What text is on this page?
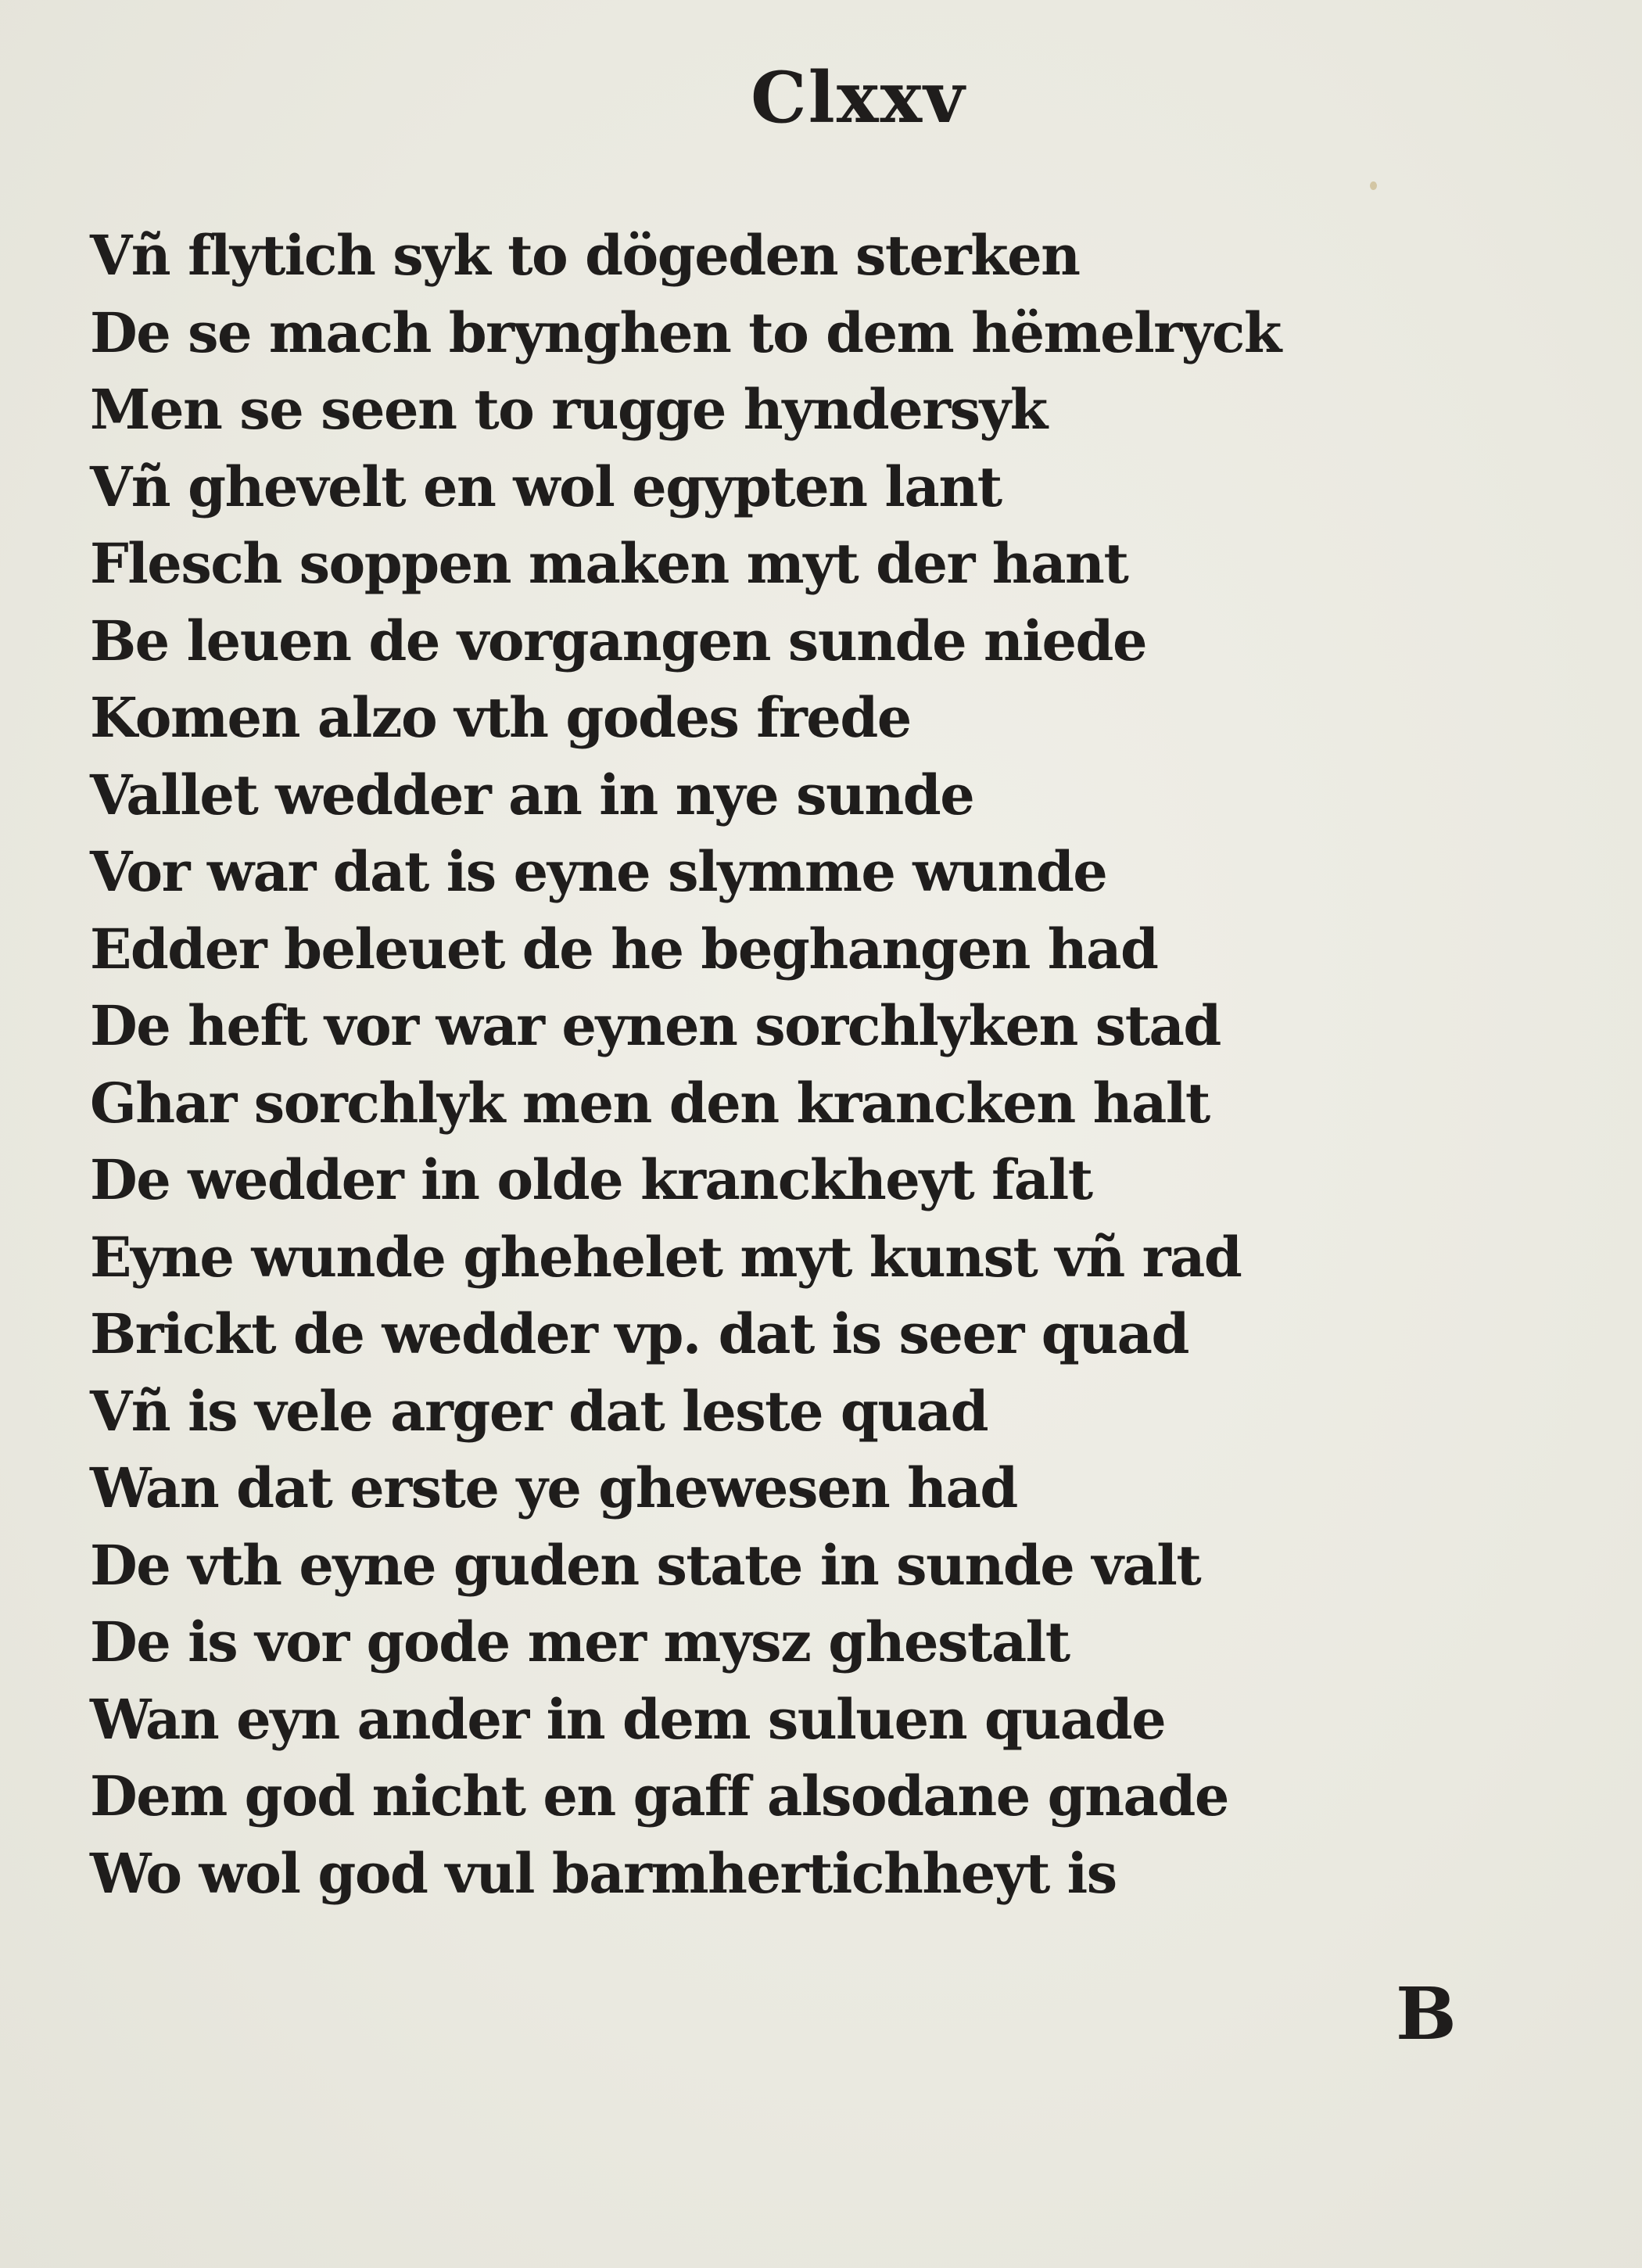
Clxxv
Vñ flytich syk to dögeden sterken
De se mach brynghen to dem hëmelryck
Men se seen to rugge hyndersyk
Vñ ghevelt en wol egypten lant
Flesch soppen maken myt der hant
Be leuen de vorgangen sunde niede
Komen alzo vth godes frede
Vallet wedder an in nye sunde
Vor war dat is eyne slymme wunde
Edder beleuet de he beghangen had
De heft vor war eynen sorchlyken stad
Ghar sorchlyk men den krancken halt
De wedder in olde kranckheyt falt
Eyne wunde ghehelet myt kunst vñ rad
Brickt de wedder vp. dat is seer quad
Vñ is vele arger dat leste quad
Wan dat erste ye ghewesen had
De vth eyne guden state in sunde valt
De is vor gode mer mysz ghestalt
Wan eyn ander in dem suluen quade
Dem god nicht en gaff alsodane gnade
Wo wol god vul barmhertichheyt is
B
